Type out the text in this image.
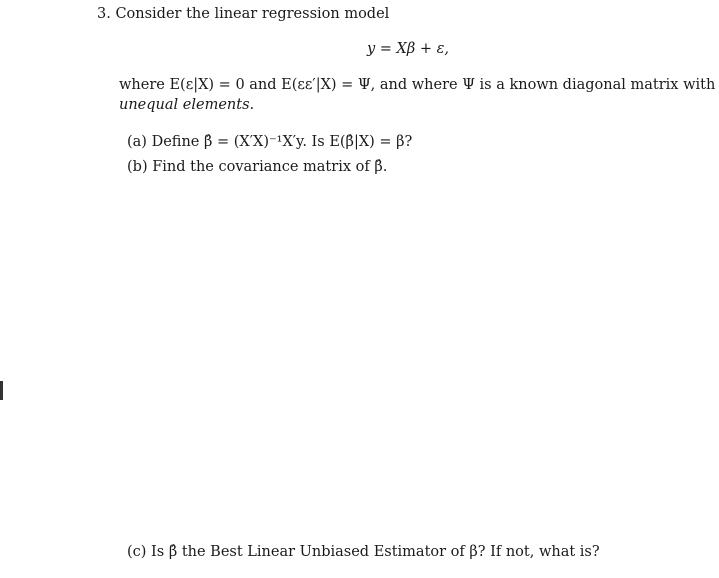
3. Consider the linear regression model
y = Xβ + ε,
where E(ε|X) = 0 and E(εε′|X) = Ψ, and where Ψ is a known diagonal matrix with
unequal elements.
(a) Define β̂ = (X′X)⁻¹X′y. Is E(β̂|X) = β?
(b) Find the covariance matrix of β̂.
(c) Is β̂ the Best Linear Unbiased Estimator of β? If not, what is?
